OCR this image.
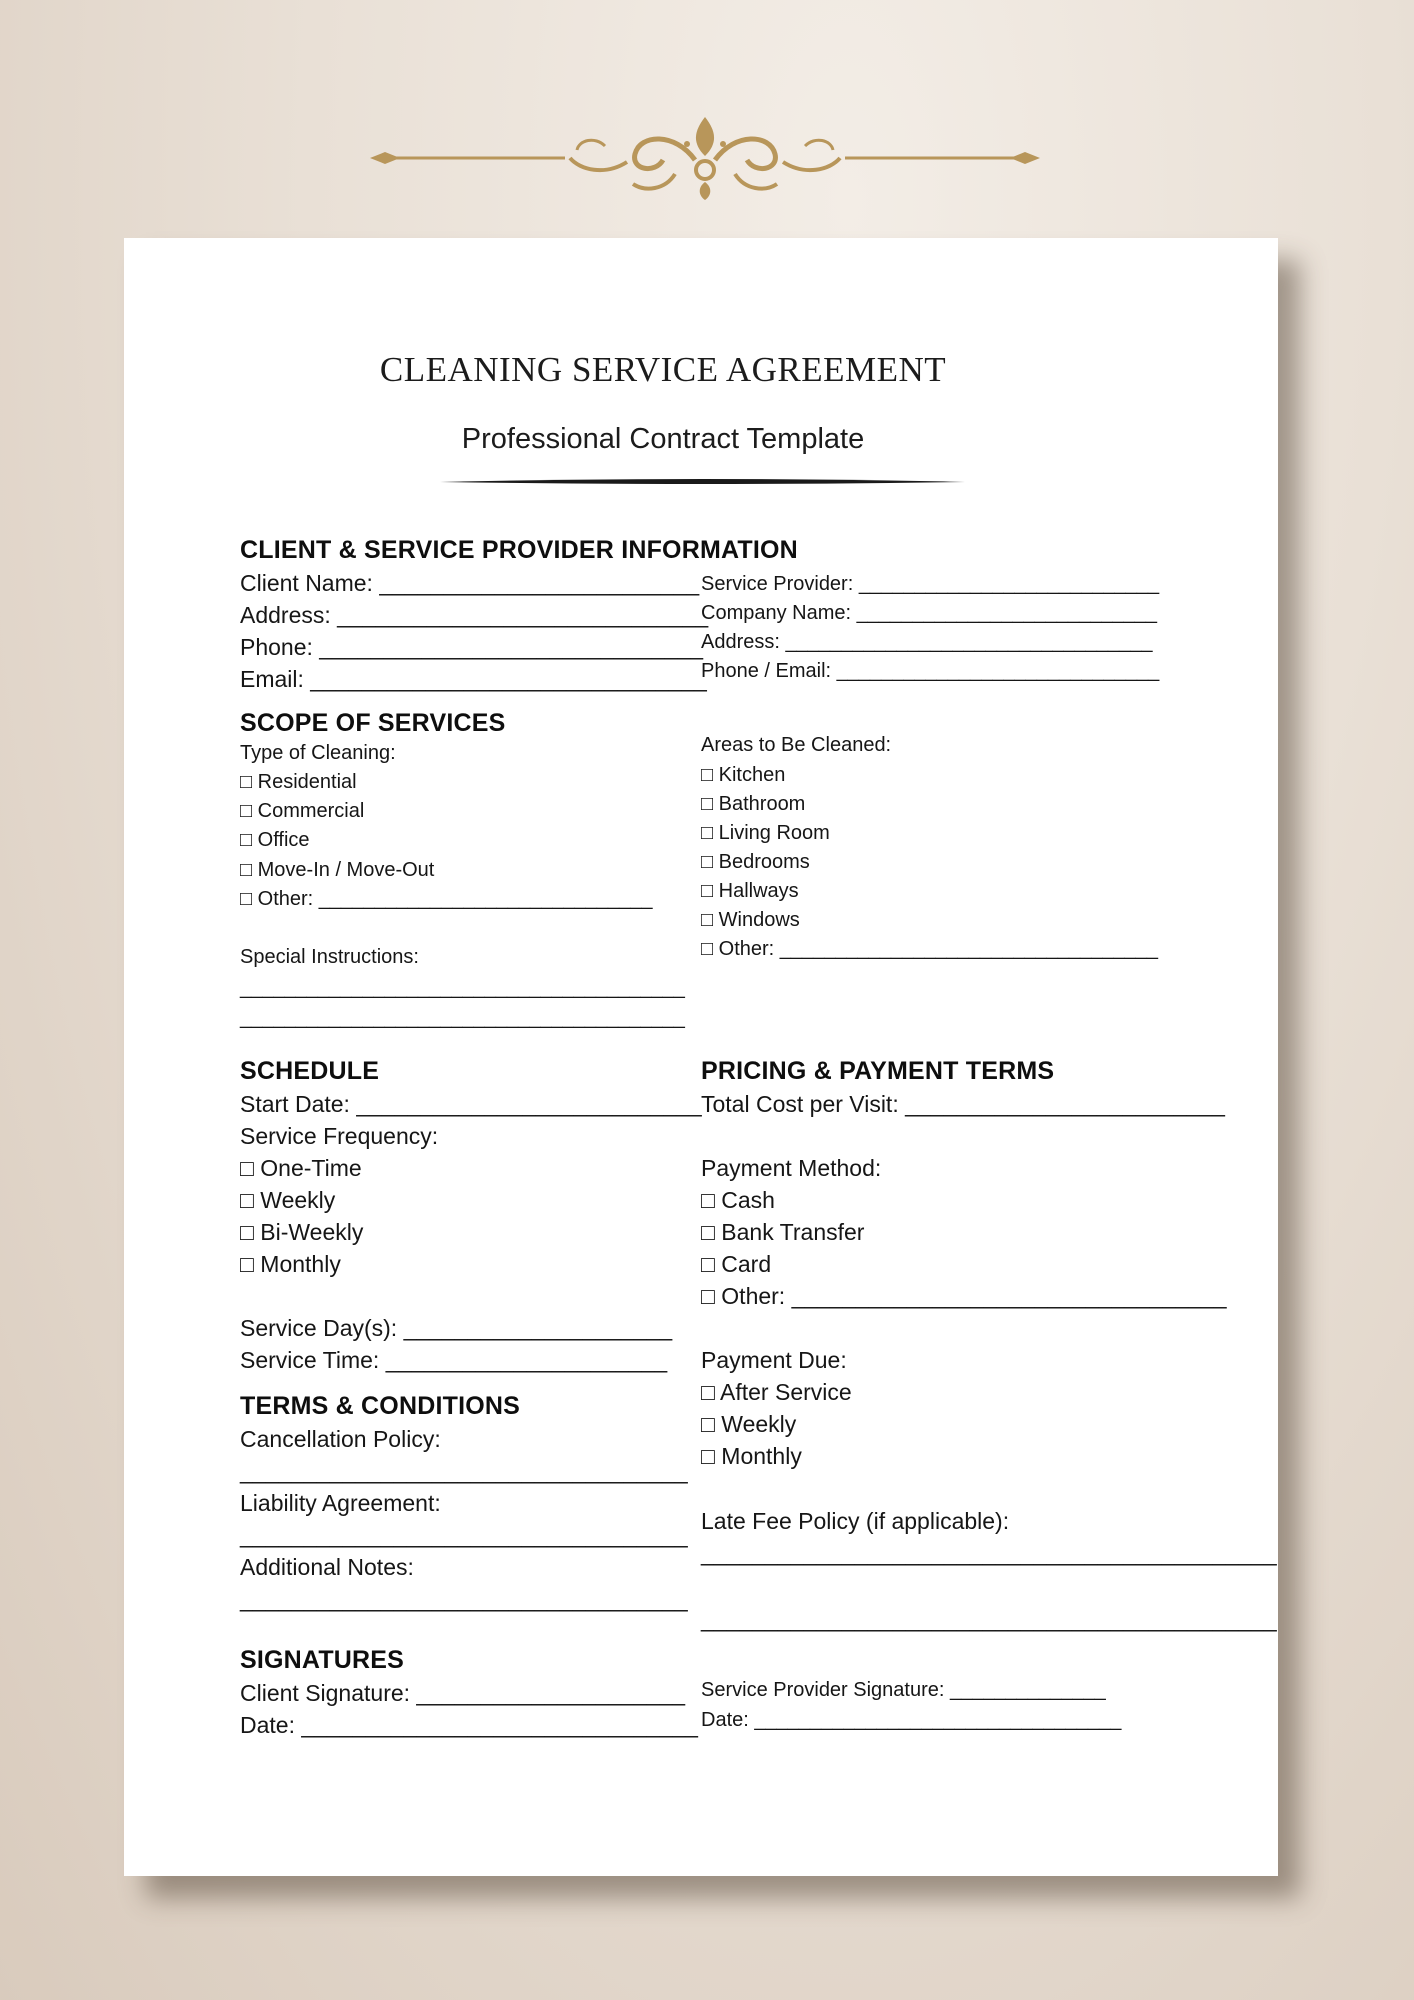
CLEANING SERVICE AGREEMENT
Professional Contract Template
CLIENT & SERVICE PROVIDER INFORMATION
Client Name: _________________________
Address: _____________________________
Phone: ______________________________
Email: _______________________________
Service Provider: ___________________________
Company Name: ___________________________
Address: _________________________________
Phone / Email: _____________________________
SCOPE OF SERVICES
Type of Cleaning:
□ Residential
□ Commercial
□ Office
□ Move-In / Move-Out
□ Other: ______________________________
Special Instructions:
________________________________________
________________________________________
Areas to Be Cleaned:
□ Kitchen
□ Bathroom
□ Living Room
□ Bedrooms
□ Hallways
□ Windows
□ Other: __________________________________
SCHEDULE
Start Date: ___________________________
Service Frequency:
□ One-Time
□ Weekly
□ Bi-Weekly
□ Monthly
Service Day(s): _____________________
Service Time: ______________________
TERMS & CONDITIONS
Cancellation Policy:
___________________________________
Liability Agreement:
___________________________________
Additional Notes:
___________________________________
PRICING & PAYMENT TERMS
Total Cost per Visit: _________________________
Payment Method:
□ Cash
□ Bank Transfer
□ Card
□ Other: __________________________________
Payment Due:
□ After Service
□ Weekly
□ Monthly
Late Fee Policy (if applicable):
_____________________________________________
_____________________________________________
SIGNATURES
Client Signature: _____________________
Date: _______________________________
Service Provider Signature: ______________
Date: _________________________________
